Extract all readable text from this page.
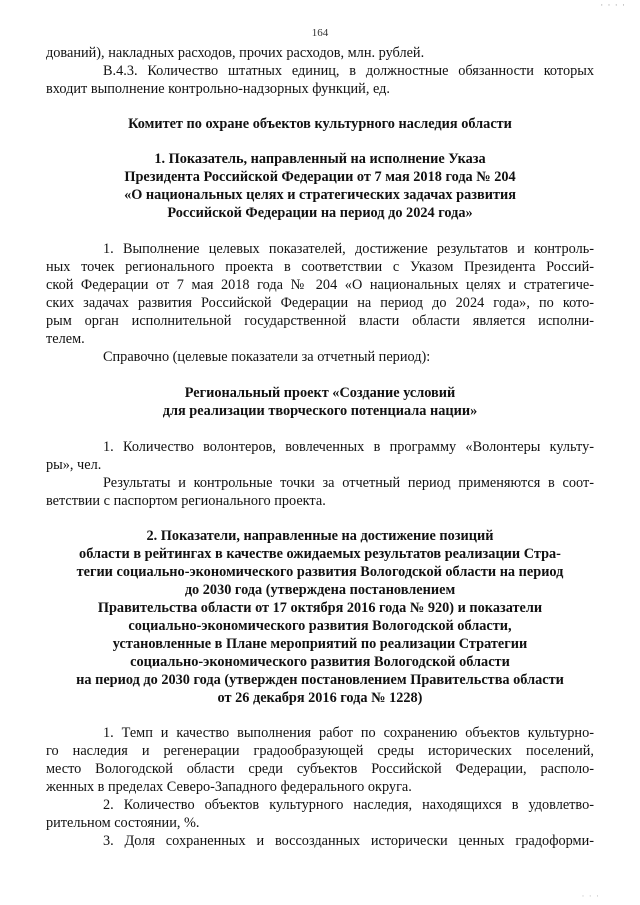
· · · ·
164
дований), накладных расходов, прочих расходов, млн. рублей.
В.4.3. Количество штатных единиц, в должностные обязанности которых
входит выполнение контрольно-надзорных функций, ед.
Комитет по охране объектов культурного наследия области
1. Показатель, направленный на исполнение Указа
Президента Российской Федерации от 7 мая 2018 года № 204
«О национальных целях и стратегических задачах развития
Российской Федерации на период до 2024 года»
1. Выполнение целевых показателей, достижение результатов и контроль-
ных точек регионального проекта в соответствии с Указом Президента Россий-
ской Федерации от 7 мая 2018 года № 204 «О национальных целях и стратегиче-
ских задачах развития Российской Федерации на период до 2024 года», по кото-
рым орган исполнительной государственной власти области является исполни-
телем.
Справочно (целевые показатели за отчетный период):
Региональный проект «Создание условий
для реализации творческого потенциала нации»
1. Количество волонтеров, вовлеченных в программу «Волонтеры культу-
ры», чел.
Результаты и контрольные точки за отчетный период применяются в соот-
ветствии с паспортом регионального проекта.
2. Показатели, направленные на достижение позиций
области в рейтингах в качестве ожидаемых результатов реализации Стра-
тегии социально-экономического развития Вологодской области на период
до 2030 года (утверждена постановлением
Правительства области от 17 октября 2016 года № 920) и показатели
социально-экономического развития Вологодской области,
установленные в Плане мероприятий по реализации Стратегии
социально-экономического развития Вологодской области
на период до 2030 года (утвержден постановлением Правительства области
от 26 декабря 2016 года № 1228)
1. Темп и качество выполнения работ по сохранению объектов культурно-
го наследия и регенерации градообразующей среды исторических поселений,
место Вологодской области среди субъектов Российской Федерации, располо-
женных в пределах Северо-Западного федерального округа.
2. Количество объектов культурного наследия, находящихся в удовлетво-
рительном состоянии, %.
3. Доля сохраненных и воссозданных исторически ценных градоформи-
· · ·
